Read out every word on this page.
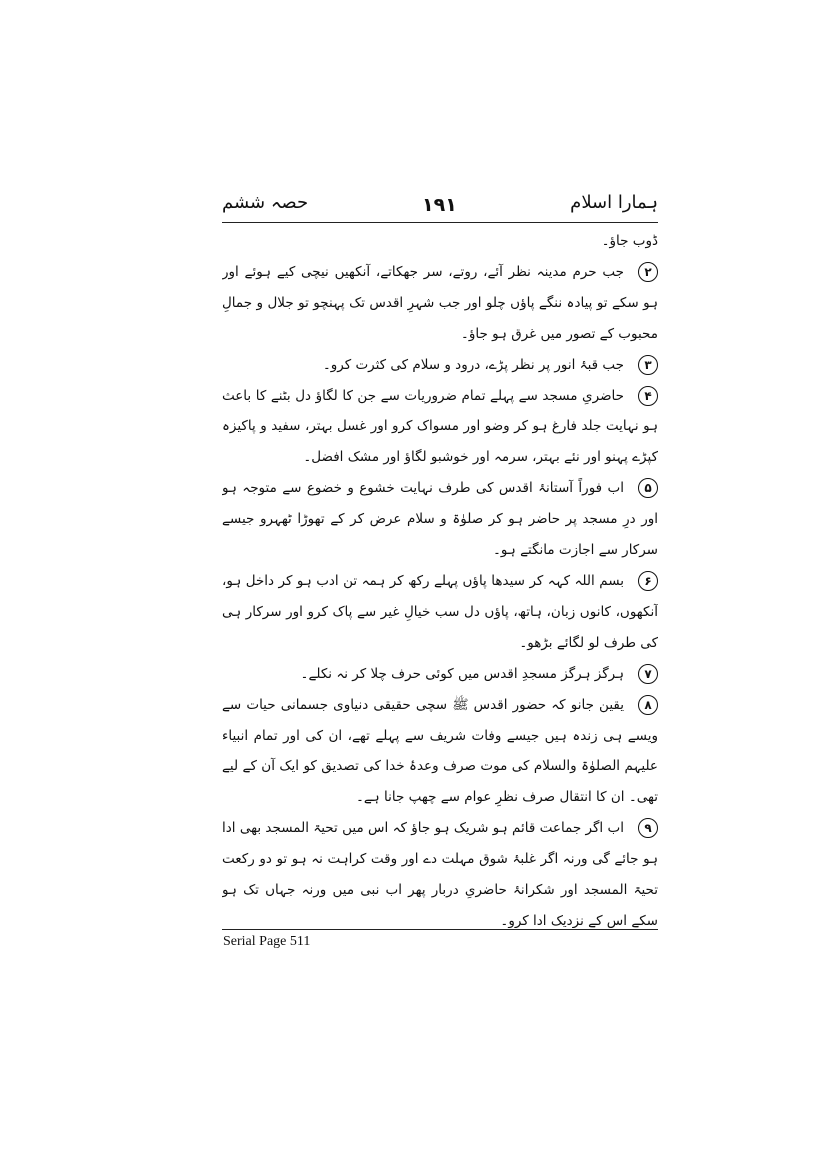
حصہ ششم	۱۹۱	ہمارا اسلام

ڈوب جاؤ۔

۲جب حرم مدینہ نظر آئے، روتے، سر جھکاتے، آنکھیں نیچی کیے ہوئے اور ہو سکے تو پیادہ ننگے پاؤں چلو اور جب شہرِ اقدس تک پہنچو تو جلال و جمالِ محبوب کے تصور میں غرق ہو جاؤ۔

۳جب قبۂ انور پر نظر پڑے، درود و سلام کی کثرت کرو۔

۴حاضریِ مسجد سے پہلے تمام ضروریات سے جن کا لگاؤ دل بٹنے کا باعث ہو نہایت جلد فارغ ہو کر وضو اور مسواک کرو اور غسل بہتر، سفید و پاکیزہ کپڑے پہنو اور نئے بہتر، سرمہ اور خوشبو لگاؤ اور مشک افضل۔

۵اب فوراً آستانۂ اقدس کی طرف نہایت خشوع و خضوع سے متوجہ ہو اور درِ مسجد پر حاضر ہو کر صلوٰۃ و سلام عرض کر کے تھوڑا ٹھہرو جیسے سرکار سے اجازت مانگتے ہو۔

۶بسم اللہ کہہ کر سیدھا پاؤں پہلے رکھ کر ہمہ تن ادب ہو کر داخل ہو، آنکھوں، کانوں زبان، ہاتھ، پاؤں دل سب خیالِ غیر سے پاک کرو اور سرکار ہی کی طرف لو لگائے بڑھو۔

۷ہرگز ہرگز مسجدِ اقدس میں کوئی حرف چلا کر نہ نکلے۔

۸یقین جانو کہ حضور اقدس ﷺ سچی حقیقی دنیاوی جسمانی حیات سے ویسے ہی زندہ ہیں جیسے وفات شریف سے پہلے تھے، ان کی اور تمام انبیاء علیہم الصلوٰۃ والسلام کی موت صرف وعدۂ خدا کی تصدیق کو ایک آن کے لیے تھی۔ ان کا انتقال صرف نظرِ عوام سے چھپ جانا ہے۔

۹اب اگر جماعت قائم ہو شریک ہو جاؤ کہ اس میں تحیۃ المسجد بھی ادا ہو جائے گی ورنہ اگر غلبۂ شوق مہلت دے اور وقت کراہت نہ ہو تو دو رکعت تحیۃ المسجد اور شکرانۂ حاضریِ دربار پھر اب نبی میں ورنہ جہاں تک ہو سکے اس کے نزدیک ادا کرو۔

Serial Page 511
